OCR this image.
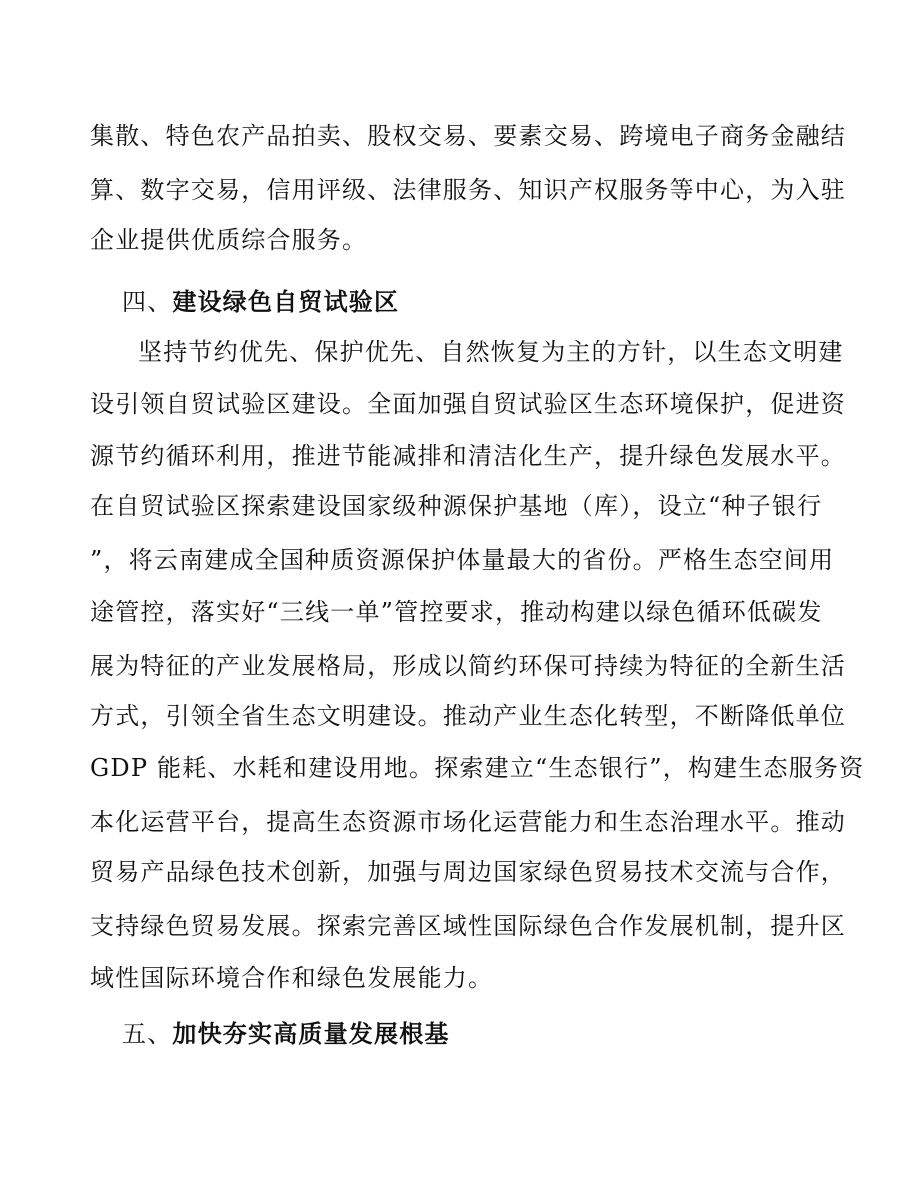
集散、特色农产品拍卖、股权交易、要素交易、跨境电子商务金融结
算、数字交易，信用评级、法律服务、知识产权服务等中心，为入驻
企业提供优质综合服务。
四、建设绿色自贸试验区
坚持节约优先、保护优先、自然恢复为主的方针，以生态文明建
设引领自贸试验区建设。全面加强自贸试验区生态环境保护，促进资
源节约循环利用，推进节能减排和清洁化生产，提升绿色发展水平。
在自贸试验区探索建设国家级种源保护基地（库），设立“种子银行
”，将云南建成全国种质资源保护体量最大的省份。严格生态空间用
途管控，落实好“三线一单”管控要求，推动构建以绿色循环低碳发
展为特征的产业发展格局，形成以简约环保可持续为特征的全新生活
方式，引领全省生态文明建设。推动产业生态化转型，不断降低单位
GDP 能耗、水耗和建设用地。探索建立“生态银行”，构建生态服务资
本化运营平台，提高生态资源市场化运营能力和生态治理水平。推动
贸易产品绿色技术创新，加强与周边国家绿色贸易技术交流与合作，
支持绿色贸易发展。探索完善区域性国际绿色合作发展机制，提升区
域性国际环境合作和绿色发展能力。
五、加快夯实高质量发展根基
